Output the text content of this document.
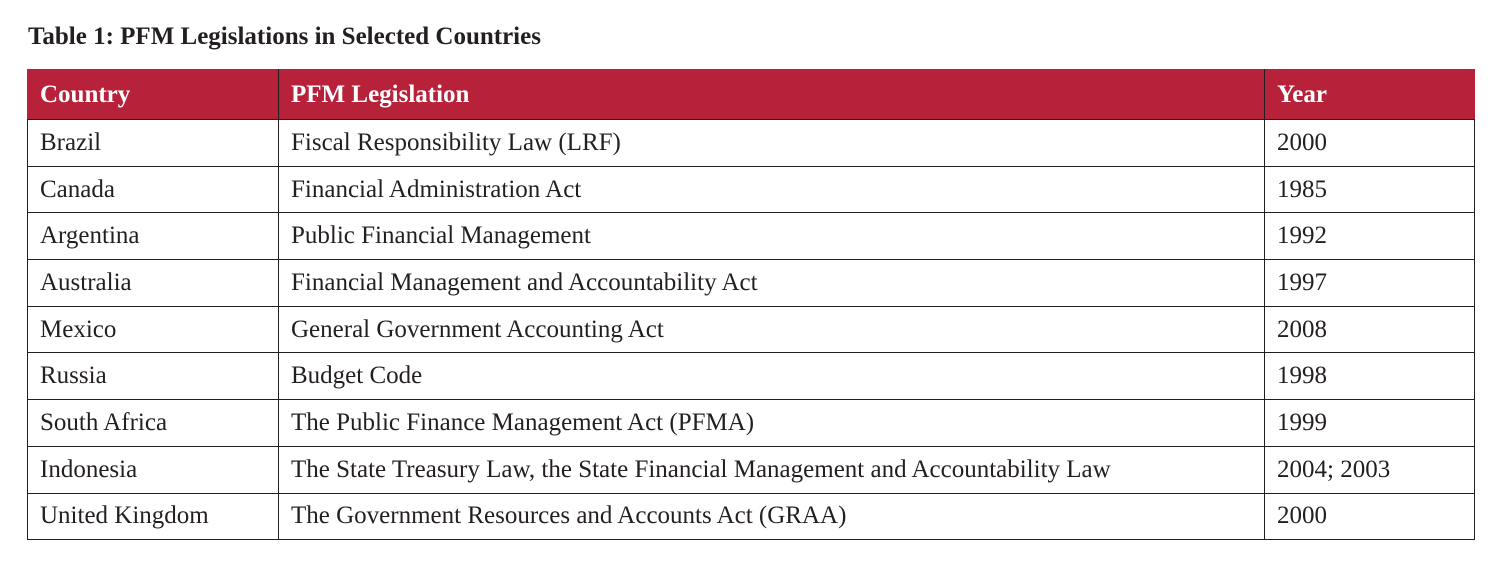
Table 1: PFM Legislations in Selected Countries
Country	PFM Legislation	Year
Brazil	Fiscal Responsibility Law (LRF)	2000
Canada	Financial Administration Act	1985
Argentina	Public Financial Management	1992
Australia	Financial Management and Accountability Act	1997
Mexico	General Government Accounting Act	2008
Russia	Budget Code	1998
South Africa	The Public Finance Management Act (PFMA)	1999
Indonesia	The State Treasury Law, the State Financial Management and Accountability Law	2004; 2003
United Kingdom	The Government Resources and Accounts Act (GRAA)	2000
